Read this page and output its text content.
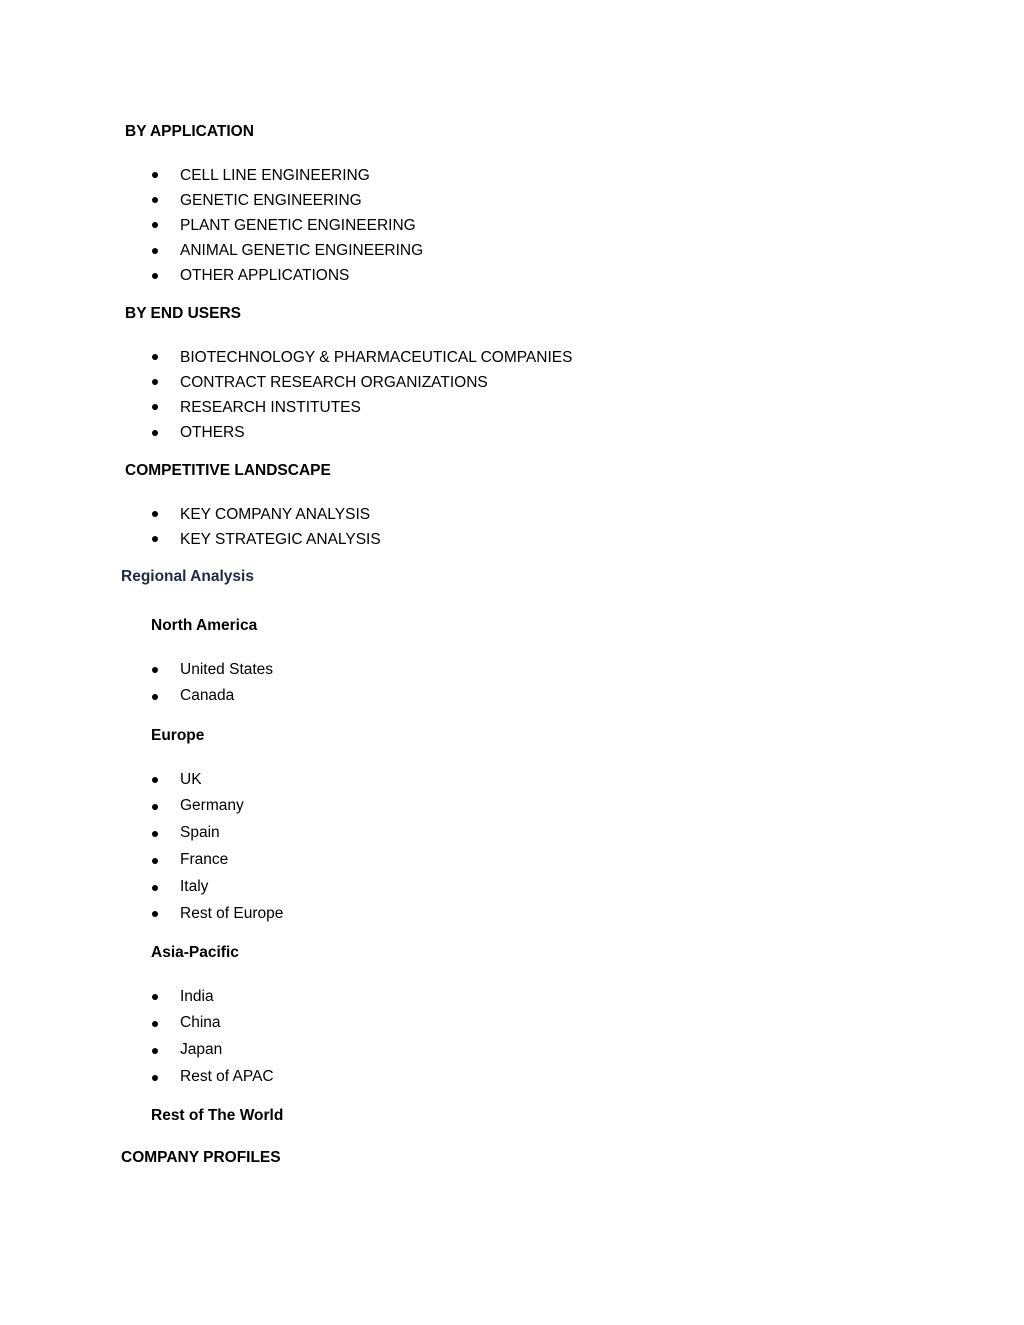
BY APPLICATION
CELL LINE ENGINEERING
GENETIC ENGINEERING
PLANT GENETIC ENGINEERING
ANIMAL GENETIC ENGINEERING
OTHER APPLICATIONS
BY END USERS
BIOTECHNOLOGY & PHARMACEUTICAL COMPANIES
CONTRACT RESEARCH ORGANIZATIONS
RESEARCH INSTITUTES
OTHERS
COMPETITIVE LANDSCAPE
KEY COMPANY ANALYSIS
KEY STRATEGIC ANALYSIS
Regional Analysis
North America
United States
Canada
Europe
UK
Germany
Spain
France
Italy
Rest of Europe
Asia-Pacific
India
China
Japan
Rest of APAC
Rest of The World
COMPANY PROFILES
